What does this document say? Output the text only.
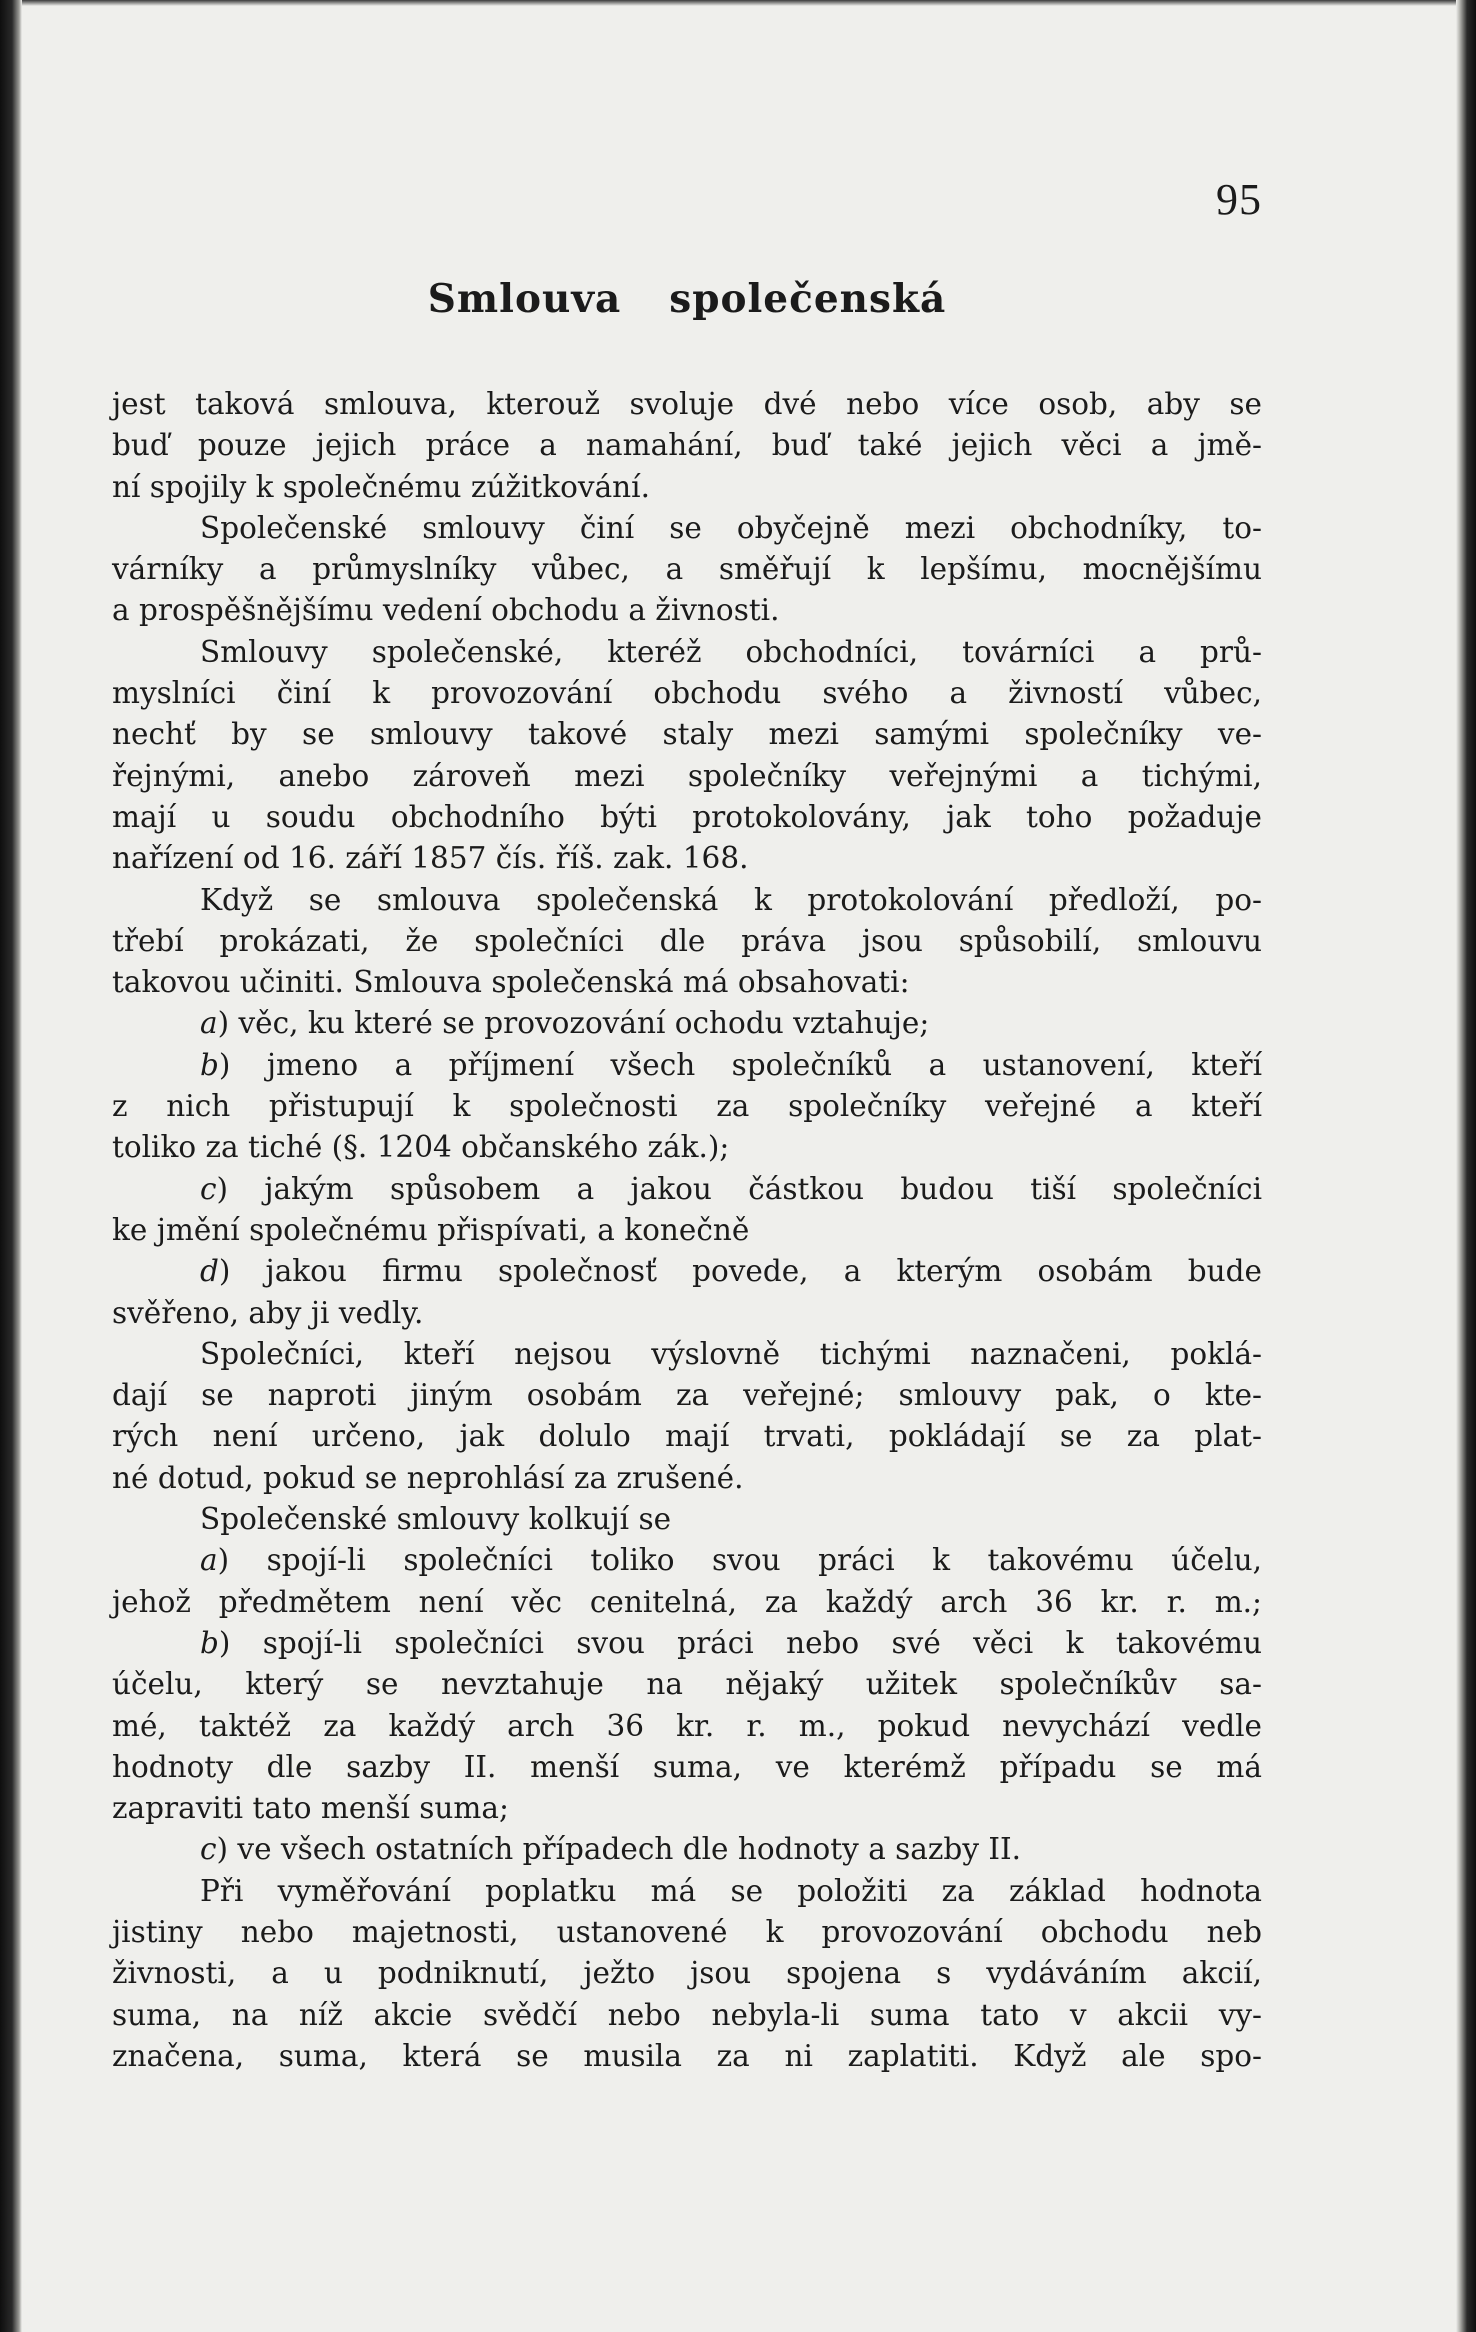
95
Smlouva společenská

jest taková smlouva, kterouž svoluje dvé nebo více osob, aby se
buď pouze jejich práce a namahání, buď také jejich věci a jmě-
ní spojily k společnému zúžitkování.

Společenské smlouvy činí se obyčejně mezi obchodníky, to-
várníky a průmyslníky vůbec, a směřují k lepšímu, mocnějšímu
a prospěšnějšímu vedení obchodu a živnosti.

Smlouvy společenské, kteréž obchodníci, továrníci a prů-
myslníci činí k provozování obchodu svého a živností vůbec,
nechť by se smlouvy takové staly mezi samými společníky ve-
řejnými, anebo zároveň mezi společníky veřejnými a tichými,
mají u soudu obchodního býti protokolovány, jak toho požaduje
nařízení od 16. září 1857 čís. říš. zak. 168.

Když se smlouva společenská k protokolování předloží, po-
třebí prokázati, že společníci dle práva jsou spůsobilí, smlouvu
takovou učiniti. Smlouva společenská má obsahovati:
a) věc, ku které se provozování ochodu vztahuje;
b) jmeno a příjmení všech společníků a ustanovení, kteří
z nich přistupují k společnosti za společníky veřejné a kteří
toliko za tiché (§. 1204 občanského zák.);
c) jakým spůsobem a jakou částkou budou tiší společníci
ke jmění společnému přispívati, a konečně
d) jakou firmu společnosť povede, a kterým osobám bude
svěřeno, aby ji vedly.

Společníci, kteří nejsou výslovně tichými naznačeni, poklá-
dají se naproti jiným osobám za veřejné; smlouvy pak, o kte-
rých není určeno, jak dolulo mají trvati, pokládají se za plat-
né dotud, pokud se neprohlásí za zrušené.

Společenské smlouvy kolkují se
a) spojí-li společníci toliko svou práci k takovému účelu,
jehož předmětem není věc cenitelná, za každý arch 36 kr. r. m.;
b) spojí-li společníci svou práci nebo své věci k takovému
účelu, který se nevztahuje na nějaký užitek společníkův sa-
mé, taktéž za každý arch 36 kr. r. m., pokud nevychází vedle
hodnoty dle sazby II. menší suma, ve kterémž případu se má
zapraviti tato menší suma;
c) ve všech ostatních případech dle hodnoty a sazby II.

Při vyměřování poplatku má se položiti za základ hodnota
jistiny nebo majetnosti, ustanovené k provozování obchodu neb
živnosti, a u podniknutí, ježto jsou spojena s vydáváním akcií,
suma, na níž akcie svědčí nebo nebyla-li suma tato v akcii vy-
značena, suma, která se musila za ni zaplatiti. Když ale spo-
